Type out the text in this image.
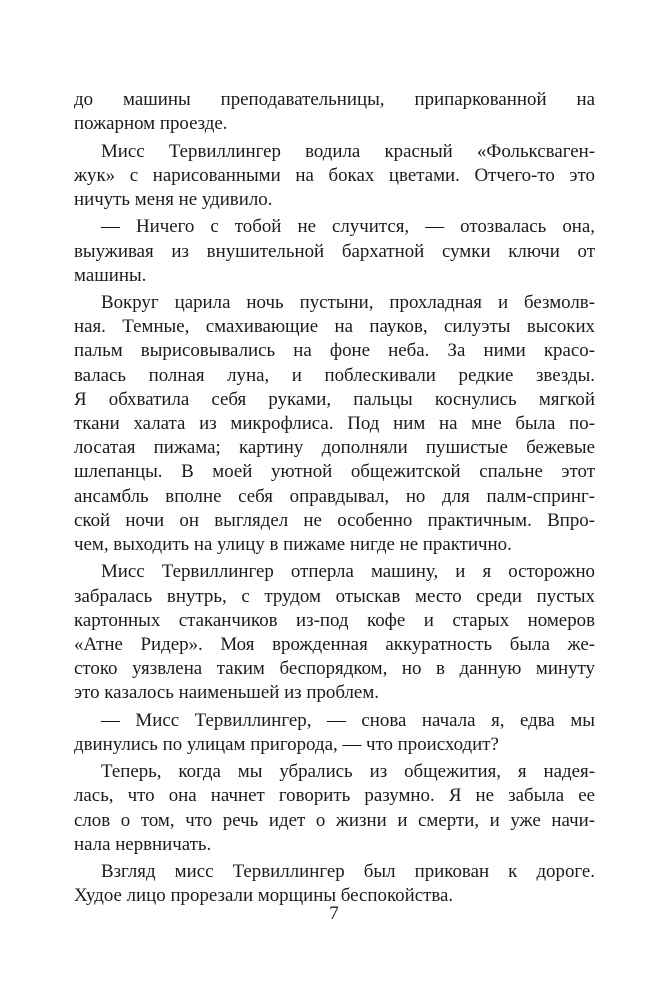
до машины преподавательницы, припаркованной на
пожарном проезде.
Мисс Тервиллингер водила красный «Фольксваген-
жук» с нарисованными на боках цветами. Отчего-то это
ничуть меня не удивило.
— Ничего с тобой не случится, — отозвалась она,
выуживая из внушительной бархатной сумки ключи от
машины.
Вокруг царила ночь пустыни, прохладная и безмолв-
ная. Темные, смахивающие на пауков, силуэты высоких
пальм вырисовывались на фоне неба. За ними красо-
валась полная луна, и поблескивали редкие звезды.
Я обхватила себя руками, пальцы коснулись мягкой
ткани халата из микрофлиса. Под ним на мне была по-
лосатая пижама; картину дополняли пушистые бежевые
шлепанцы. В моей уютной общежитской спальне этот
ансамбль вполне себя оправдывал, но для палм-спринг-
ской ночи он выглядел не особенно практичным. Впро-
чем, выходить на улицу в пижаме нигде не практично.
Мисс Тервиллингер отперла машину, и я осторожно
забралась внутрь, с трудом отыскав место среди пустых
картонных стаканчиков из-под кофе и старых номеров
«Атне Ридер». Моя врожденная аккуратность была же-
стоко уязвлена таким беспорядком, но в данную минуту
это казалось наименьшей из проблем.
— Мисс Тервиллингер, — снова начала я, едва мы
двинулись по улицам пригорода, — что происходит?
Теперь, когда мы убрались из общежития, я надея-
лась, что она начнет говорить разумно. Я не забыла ее
слов о том, что речь идет о жизни и смерти, и уже начи-
нала нервничать.
Взгляд мисс Тервиллингер был прикован к дороге.
Худое лицо прорезали морщины беспокойства.
7
